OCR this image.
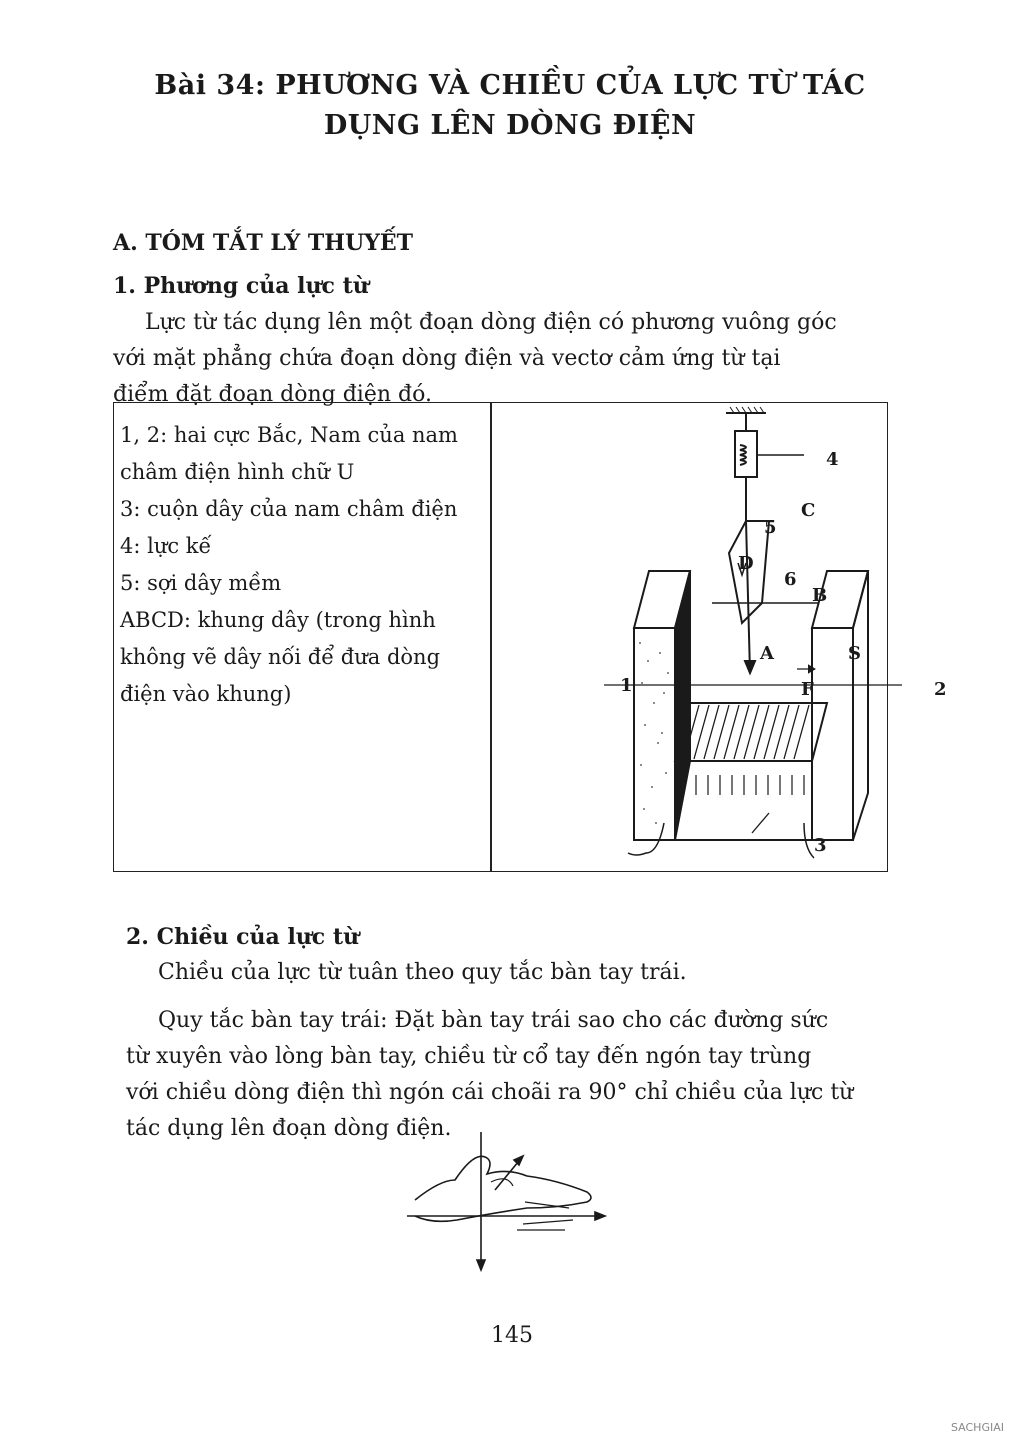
Bài 34: PHƯƠNG VÀ CHIỀU CỦA LỰC TỪ TÁC
DỤNG LÊN DÒNG ĐIỆN
A. TÓM TẮT LÝ THUYẾT
1. Phương của lực từ
Lực từ tác dụng lên một đoạn dòng điện có phương vuông góc
với mặt phẳng chứa đoạn dòng điện và vectơ cảm ứng từ tại
điểm đặt đoạn dòng điện đó.
1, 2: hai cực Bắc, Nam của nam châm điện hình chữ U
3: cuộn dây của nam châm điện
4: lực kế
5: sợi dây mềm
ABCD: khung dây (trong hình không vẽ dây nối để đưa dòng điện vào khung)
4
C
5
D
6
B
A	S
F
1	2
3
2. Chiều của lực từ
Chiều của lực từ tuân theo quy tắc bàn tay trái.
Quy tắc bàn tay trái: Đặt bàn tay trái sao cho các đường sức
từ xuyên vào lòng bàn tay, chiều từ cổ tay đến ngón tay trùng
với chiều dòng điện thì ngón cái choãi ra 90° chỉ chiều của lực từ
tác dụng lên đoạn dòng điện.
145
SACHGIAI
